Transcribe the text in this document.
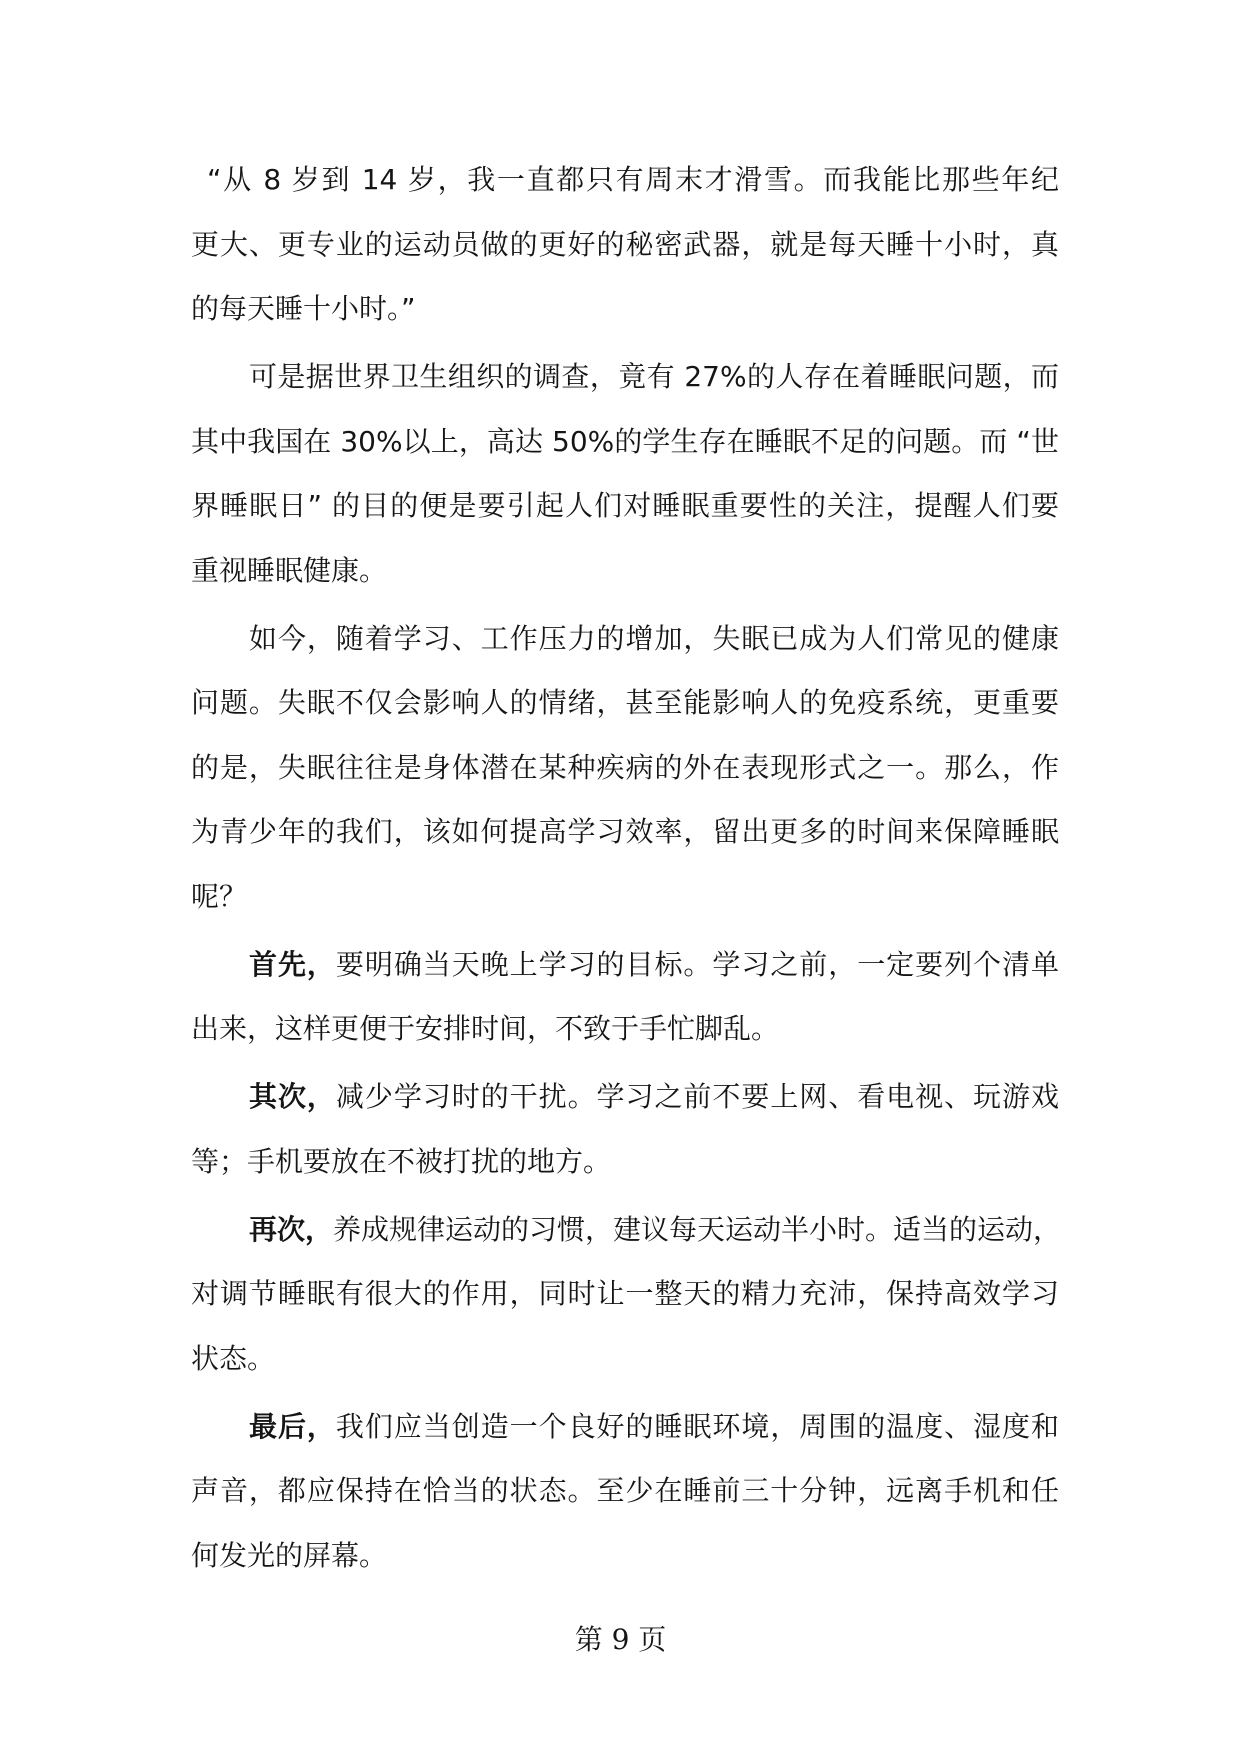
“从 8 岁到 14 岁，我一直都只有周末才滑雪。而我能比那些年纪
更大、更专业的运动员做的更好的秘密武器，就是每天睡十小时，真
的每天睡十小时。”
可是据世界卫生组织的调查，竟有 27%的人存在着睡眠问题，而
其中我国在 30%以上，高达 50%的学生存在睡眠不足的问题。而 “世
界睡眠日” 的目的便是要引起人们对睡眠重要性的关注，提醒人们要
重视睡眠健康。
如今，随着学习、工作压力的增加，失眠已成为人们常见的健康
问题。失眠不仅会影响人的情绪，甚至能影响人的免疫系统，更重要
的是，失眠往往是身体潜在某种疾病的外在表现形式之一。那么，作
为青少年的我们，该如何提高学习效率，留出更多的时间来保障睡眠
呢？
首先，要明确当天晚上学习的目标。学习之前，一定要列个清单
出来，这样更便于安排时间，不致于手忙脚乱。
其次，减少学习时的干扰。学习之前不要上网、看电视、玩游戏
等；手机要放在不被打扰的地方。
再次，养成规律运动的习惯，建议每天运动半小时。适当的运动，
对调节睡眠有很大的作用，同时让一整天的精力充沛，保持高效学习
状态。
最后，我们应当创造一个良好的睡眠环境，周围的温度、湿度和
声音，都应保持在恰当的状态。至少在睡前三十分钟，远离手机和任
何发光的屏幕。
第 9 页
